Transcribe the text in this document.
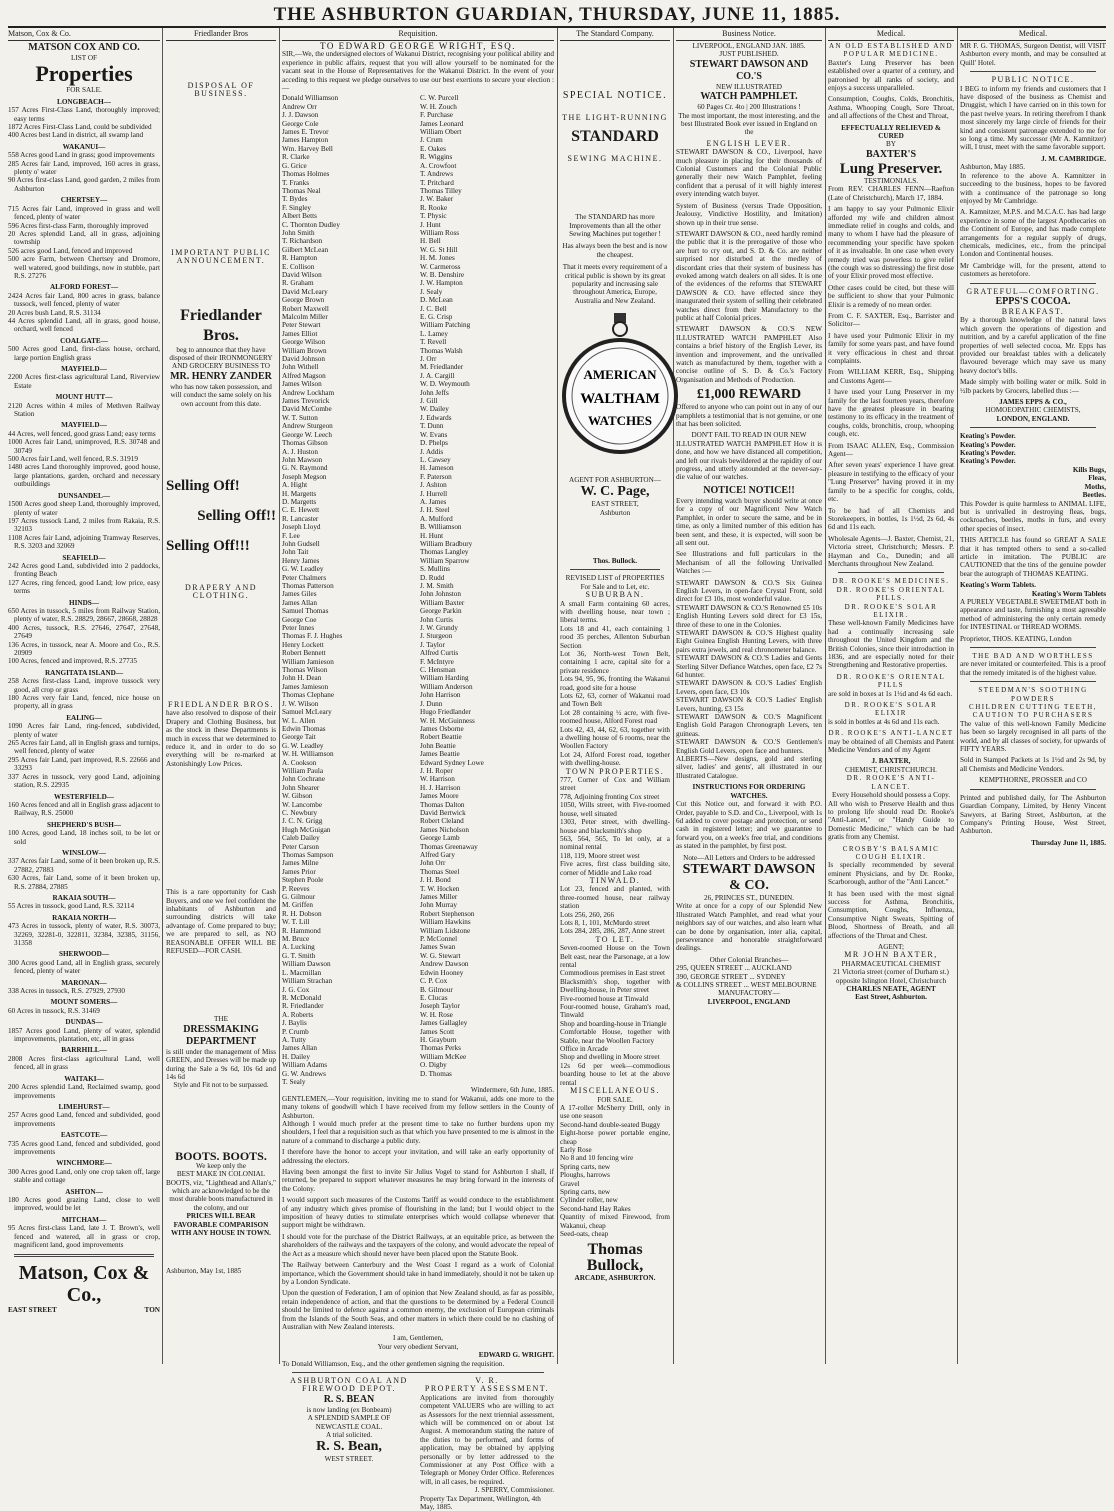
THE ASHBURTON GUARDIAN, THURSDAY, JUNE 11, 1885.
Matson, Cox & Co.	Friedlander Bros	Requisition.	The Standard Company.	Business Notice.	Medical.	Medical.
MATSON COX AND CO.
LIST OF
Properties
FOR SALE.
LONGBEACH—
157 Acres First-Class Land, thoroughly improved; easy terms
1872 Acres First-Class Land, could be subdivided
400 Acres best Land in district, all swamp land
WAKANUI—
558 Acres good Land in grass; good improvements
285 Acres fair Land, improved, 160 acres in grass, plenty o' water
90 Acres first-class Land, good garden, 2 miles from Ashburton
CHERTSEY—
715 Acres fair Land, improved in grass and well fenced, plenty of water
596 Acres first-class Farm, thoroughly improved
20 Acres splendid Land, all in grass, adjoining township
526 acres good Land, fenced and improved
500 acre Farm, between Chertsey and Dromore, well watered, good buildings, now in stubble, part R.S. 27276
ALFORD FOREST—
2424 Acres fair Land, 800 acres in grass, balance tussock, well fenced, plenty of water
20 Acres bush Land, R.S. 31134
44 Acres splendid Land, all in grass, good house, orchard, well fenced
COALGATE—
500 Acres good Land, first-class house, orchard, large portion English grass
MAYFIELD—
2200 Acres first-class agricultural Land, Riverview Estate
MOUNT HUTT—
2120 Acres within 4 miles of Methven Railway Station
MAYFIELD—
44 Acres, well fenced, good grass Land; easy terms
1000 Acres fair Land, unimproved, R.S. 30748 and 30749
500 Acres fair Land, well fenced, R.S. 31919
1480 acres Land thoroughly improved, good house, large plantations, garden, orchard and necessary outbuildings
DUNSANDEL—
1500 Acres good sheep Land, thoroughly improved, plenty of water
197 Acres tussock Land, 2 miles from Rakaia, R.S. 32103
1108 Acres fair Land, adjoining Tramway Reserves, R.S. 3203 and 32069
SEAFIELD—
242 Acres good Land, subdivided into 2 paddocks, fronting Beach
127 Acres, ring fenced, good Land; low price, easy terms
HINDS—
650 Acres in tussock, 5 miles from Railway Station, plenty of water, R.S. 28829, 28667, 28668, 28828
400 Acres, tussock, R.S. 27646, 27647, 27648, 27649
136 Acres, in tussock, near A. Moore and Co., R.S. 20909
100 Acres, fenced and improved, R.S. 27735
RANGITATA ISLAND—
258 Acres first-class Land, improve tussock very good, all crop or grass
180 Acres very fair Land, fenced, nice house on property, all in grass
EALING—
1090 Acres fair Land, ring-fenced, subdivided, plenty of water
265 Acres fair Land, all in English grass and turnips, well fenced, plenty of water
295 Acres fair Land, part improved, R.S. 22666 and 33293
337 Acres in tussock, very good Land, adjoining station, R.S. 22935
WESTERFIELD—
160 Acres fenced and all in English grass adjacent to Railway, R.S. 25000
SHEPHERD'S BUSH—
100 Acres, good Land, 18 inches soil, to be let or sold
WINSLOW—
337 Acres fair Land, some of it been broken up, R.S. 27882, 27883
630 Acres, fair Land, some of it been broken up, R.S. 27884, 27885
RAKAIA SOUTH—
55 Acres in tussock, good Land, R.S. 32114
RAKAIA NORTH—
473 Acres in tussock, plenty of water, R.S. 30073, 32269, 32281-0, 322811, 32384, 32385, 31156, 31358
SHERWOOD—
300 Acres good Land, all in English grass, securely fenced, plenty of water
MARONAN—
338 Acres in tussock, R.S. 27929, 27930
MOUNT SOMERS—
60 Acres in tussock, R.S. 31469
DUNDAS—
1857 Acres good Land, plenty of water, splendid improvements, plantation, etc, all in grass
BARRHILL—
2808 Acres first-class agricultural Land, well fenced, all in grass
WAITAKI—
200 Acres splendid Land, Reclaimed swamp, good improvements
LIMEHURST—
257 Acres good Land, fenced and subdivided, good improvements
EASTCOTE—
735 Acres good Land, fenced and subdivided, good improvements
WINCHMORE—
300 Acres good Land, only one crop taken off, large stable and cottage
ASHTON—
180 Acres good grazing Land, close to well improved, would be let
MITCHAM—
95 Acres first-class Land, late J. T. Brown's, well fenced and watered, all in grass or crop, magnificent land, good improvements
Matson, Cox & Co.,
EAST STREET	TON
DISPOSAL OF BUSINESS.
IMPORTANT PUBLIC ANNOUNCEMENT.
Friedlander Bros.
beg to announce that they have disposed of their IRONMONGERY AND GROCERY BUSINESS TO
MR. HENRY ZANDER
who has now taken possession, and will conduct the same solely on his own account from this date.
Selling Off!
Selling Off!!
Selling Off!!!
DRAPERY AND CLOTHING.
FRIEDLANDER BROS.
have also resolved to dispose of their Drapery and Clothing Business, but as the stock in these Departments is much in excess that we determined to reduce it, and in order to do so everything will be re-marked at Astonishingly Low Prices.
This is a rare opportunity for Cash Buyers, and one we feel confident the inhabitants of Ashburton and surrounding districts will take advantage of. Come prepared to buy; we are prepared to sell, as NO REASONABLE OFFER WILL BE REFUSED—FOR CASH.
THE
DRESSMAKING DEPARTMENT
is still under the management of Miss GREEN, and Dresses will be made up during the Sale a 9s 6d, 10s 6d and 14s 6d
Style and Fit not to be surpassed.
BOOTS. BOOTS.
We keep only the
BEST MAKE IN COLONIAL BOOTS, viz, "Lighthead and Allan's," which are acknowledged to be the most durable boots manufactured in the colony, and our
PRICES WILL BEAR FAVORABLE COMPARISON WITH ANY HOUSE IN TOWN.
Ashburton, May 1st, 1885
TO EDWARD GEORGE WRIGHT, ESQ.
SIR,—We, the undersigned electors of Wakanui District, recognising your political ability and experience in public affairs, request that you will allow yourself to be nominated for the vacant seat in the House of Representatives for the Wakanui District. In the event of your acceding to this request we pledge ourselves to use our best exertions to secure your election :—
Donald Williamson
Andrew Orr
J. J. Dawson
George Cole
James E. Trevor
James Hampton
Wm. Harvey Bell
R. Clarke
G. Grice
Thomas Holmes
T. Franks
Thomas Neal
T. Bydes
F. Singley
Albert Betts
C. Thornton Dudley
John Smith
T. Richardson
Gilbert McLean
R. Hampton
E. Collison
David Wilson
R. Graham
David McLeary
George Brown
Robert Maxwell
Malcolm Miller
Peter Stewart
James Elliot
George Wilson
William Brown
David Johnson
John Withell
Alfred Magson
James Wilson
Andrew Lockham
James Trevorick
David McCombe
W. T. Sutton
Andrew Sturgeon
George W. Leech
Thomas Gibson
A. J. Huston
John Mawson
G. N. Raymond
Joseph Megson
A. Hight
H. Margetts
D. Margetts
C. E. Hewett
R. Lancaster
Joseph Lloyd
F. Lee
John Gudsell
John Tait
Henry James
G. W. Leadley
Peter Chalmers
Thomas Patterson
James Giles
James Allan
Samuel Thomas
George Coe
Peter Innes
Thomas F. J. Hughes
Henry Lockett
Robert Bennett
William Jamieson
Thomas Wilson
John H. Dean
James Jamieson
Thomas Clephane
J. W. Wilson
Samuel McLeary
W. L. Allen
Edwin Thomas
George Tait
G. W. Leadley
W. H. Williamson
A. Cookson
William Paula
John Cochrane
John Shearer
W. Gibson
W. Lancombe
C. Newbury
J. C. N. Grigg
Hugh McGuigan
Caleb Dailey
Peter Carson
Thomas Sampson
James Milne
James Prior
Stephen Poole
P. Reeves
G. Gilmour
M. Griffen
R. H. Dobson
W. T. Lill
R. Hammond
M. Bruce
A. Lucking
G. T. Smith
William Dawson
L. Macmillan
William Strachan
J. G. Cox
R. McDonald
R. Friedlander
A. Roberts
J. Baylis
P. Crumb
A. Tutty
James Allan
H. Dailey
William Adams
G. W. Andrews
T. Sealy
C. W. Purcell
W. H. Zouch
F. Purchase
James Leonard
William Obert
J. Crum
E. Oakes
R. Wiggins
A. Crowfoot
T. Andrews
T. Pritchard
Thomas Tilley
J. W. Baker
R. Rooke
T. Physic
J. Hunt
William Ross
H. Bell
W. G. St Hill
H. M. Jones
W. Carmeross
W. B. Denshire
J. W. Hampton
J. Sealy
D. McLean
J. C. Bell
E. G. Crisp
William Patching
L. Lamey
T. Revell
Thomas Walsh
J. Orr
M. Friedlander
J. A. Cargill
W. D. Weymouth
John Jeffs
J. Gill
W. Dailey
J. Edwards
T. Dunn
W. Evans
D. Phelps
J. Addis
L. Cawsey
H. Jameson
F. Paterson
J. Ashton
J. Hurrell
A. James
J. H. Steel
A. Mulford
B. Williamson
H. Hunt
William Bradbury
Thomas Langley
William Sparrow
S. Mullins
D. Rudd
J. M. Smith
John Johnston
William Baxter
George Parkin
John Curtis
J. W. Grundy
J. Sturgeon
J. Taylor
Alfred Curtis
F. McIntyre
C. Hensman
William Harding
William Anderson
John Harrison
J. Dunn
Hugo Friedlander
W. H. McGuinness
James Osborne
Robert Beattie
John Beattie
James Beattie
Edward Sydney Lowe
J. H. Roper
W. Harrison
H. J. Harrison
James Moore
Thomas Dalton
David Bertwick
Robert Cleland
James Nicholson
George Lamb
Thomas Greenaway
Alfred Gary
John Orr
Thomas Steel
J. H. Bond
T. W. Hocken
James Miller
John Murray
Robert Stephenson
William Hawkins
William Lidstone
P. McConnel
James Swan
W. G. Stewart
Andrew Dawson
Edwin Hooney
C. P. Cox
B. Gilmour
E. Clucas
Joseph Taylor
W. H. Rose
James Gallagley
James Scott
H. Grayburn
Thomas Perks
William McKee
O. Digby
D. Thomas
Windermere, 6th June, 1885.
GENTLEMEN,—Your requisition, inviting me to stand for Wakanui, adds one more to the many tokens of goodwill which I have received from my fellow settlers in the County of Ashburton.

Although I would much prefer at the present time to take no further burdens upon my shoulders, I feel that a requisition such as that which you have presented to me is almost in the nature of a command to discharge a public duty.

I therefore have the honor to accept your invitation, and will take an early opportunity of addressing the electors.

Having been amongst the first to invite Sir Julius Vogel to stand for Ashburton I shall, if returned, be prepared to support whatever measures he may bring forward in the interests of the Colony.

I would support such measures of the Customs Tariff as would conduce to the establishment of any industry which gives promise of flourishing in the land; but I would object to the imposition of heavy duties to stimulate enterprises which would collapse whenever that support might be withdrawn.

I should vote for the purchase of the District Railways, at an equitable price, as between the shareholders of the railways and the taxpayers of the colony, and would advocate the repeal of the Act as a measure which should never have been placed upon the Statute Book.

The Railway between Canterbury and the West Coast I regard as a work of Colonial importance, which the Government should take in hand immediately, should it not be taken up by a London Syndicate.

Upon the question of Federation, I am of opinion that New Zealand should, as far as possible, retain independence of action, and that the questions to be determined by a Federal Council should be limited to defence against a common enemy, the exclusion of European criminals from the Islands of the South Seas, and other matters in which there could be no clashing of Australian with New Zealand interests.

I am, Gentlemen,
Your very obedient Servant,
EDWARD G. WRIGHT.
To Donald Williamson, Esq., and the other gentlemen signing the requisition.
ASHBURTON COAL AND FIREWOOD DEPOT.
R. S. BEAN
is now landing (ex Bonbeam)
A SPLENDID SAMPLE OF
NEWCASTLE COAL.
A trial solicited.
R. S. Bean,
WEST STREET.
V. R.
PROPERTY ASSESSMENT.
Applications are invited from thoroughly competent VALUERS who are willing to act as Assessors for the next triennial assessment, which will be commenced on or about 1st August. A memorandum stating the nature of the duties to be performed, and forms of application, may be obtained by applying personally or by letter addressed to the Commissioner at any Post Office with a Telegraph or Money Order Office. References will, in all cases, be required.
J. SPERRY, Commissioner.
Property Tax Department, Wellington, 4th May, 1885.
SPECIAL NOTICE.
THE LIGHT-RUNNING
STANDARD
SEWING MACHINE.
The STANDARD has more Improvements than all the other Sewing Machines put together !
Has always been the best and is now the cheapest.
That it meets every requirement of a critical public is shown by its great popularity and increasing sale throughout America, Europe, Australia and New Zealand.
AMERICAN
WALTHAM
WATCHES
AGENT FOR ASHBURTON—
W. C. Page,
EAST STREET,
Ashburton
Thos. Bullock.
REVISED LIST of PROPERTIES For Sale and to Let, etc.
SUBURBAN.
A small Farm containing 60 acres, with dwelling house, near town ; liberal terms.
Lots 18 and 41, each containing 1 rood 35 perches, Allenton Suburban Section
Lot 36, North-west Town Belt, containing 1 acre, capital site for a private residence
Lots 94, 95, 96, fronting the Wakanui road, good site for a house
Lots 62, 63, corner of Wakanui road and Town Belt
Lot 28 containing ½ acre, with five-roomed house, Alford Forest road
Lots 42, 43, 44, 62, 63, together with a dwelling house of 6 rooms, near the Woollen Factory
Lot 24, Alford Forest road, together with dwelling-house.
TOWN PROPERTIES.
777, Corner of Cox and William street
778, Adjoining fronting Cox street
1050, Wills street, with Five-roomed house, well situated
1303, Peter street, with dwelling-house and blacksmith's shop
563, 564, 565, To let only, at a nominal rental
118, 119, Moore street west
Five acres, first class building site, corner of Middle and Lake road
TINWALD.
Lot 23, fenced and planted, with three-roomed house, near railway station
Lots 256, 260, 266
Lots 8, 1, 101, McMurdo street
Lots 284, 285, 286, 287, Anne street
TO LET.
Seven-roomed House on the Town Belt east, near the Parsonage, at a low rental
Commodious premises in East street
Blacksmith's shop, together with Dwelling-house, in Peter street
Five-roomed house at Tinwald
Four-roomed house, Graham's road, Tinwald
Shop and boarding-house in Triangle
Comfortable House, together with Stable, near the Woollen Factory
Office in Arcade
Shop and dwelling in Moore street
12s 6d per week—commodious boarding house to let at the above rental
MISCELLANEOUS.
FOR SALE.
A 17-roller McSherry Drill, only in use one season
Second-hand double-seated Buggy
Eight-horse power portable engine, cheap
Early Rose
No 8 and 10 fencing wire
Spring carts, new
Ploughs, harrows
Gravel
Spring carts, new
Cylinder roller, new
Second-hand Hay Rakes
Quantity of mixed Firewood, from Wakanui, cheap
Seed-oats, cheap
Thomas Bullock,
ARCADE, ASHBURTON.
LIVERPOOL, ENGLAND JAN. 1885.
JUST PUBLISHED.
STEWART DAWSON AND CO.'S
NEW ILLUSTRATED
WATCH PAMPHLET.
60 Pages Cr. 4to | 200 Illustrations !

The most important, the most interesting, and the best Illustrated Book ever issued in England on the

ENGLISH LEVER.

STEWART DAWSON & CO., Liverpool, have much pleasure in placing for their thousands of Colonial Customers and the Colonial Public generally their new Watch Pamphlet, feeling confident that a perusal of it will highly interest every intending watch buyer.

System of Business (versus Trade Opposition, Jealousy, Vindictive Hostility, and Imitation) shown up in their true sense.

STEWART DAWSON & CO., need hardly remind the public that it is the prerogative of those who are hurt to cry out, and S. D. & Co. are neither surprised nor disturbed at the medley of discordant cries that their system of business has evoked among watch dealers on all sides. It is one of the evidences of the reforms that STEWART DAWSON & CO. have effected since they inaugurated their system of selling their celebrated watches direct from their Manufactory to the public at half Colonial prices.

STEWART DAWSON & CO.'S NEW ILLUSTRATED WATCH PAMPHLET Also contains a brief history of the English Lever, its invention and improvement, and the unrivalled watch as manufactured by them, together with a concise outline of S. D. & Co.'s Factory Organisation and Methods of Production.

£1,000 REWARD

Offered to anyone who can point out in any of our pamphlets a testimonial that is not genuine, or one that has been solicited.

DON'T FAIL TO READ IN OUR NEW

ILLUSTRATED WATCH PAMPHLET How it is done, and how we have distanced all competition, and left our rivals bewildered at the rapidity of our progress, and utterly astounded at the never-say-die value of our watches.

NOTICE! NOTICE!!

Every intending watch buyer should write at once for a copy of our Magnificent New Watch Pamphlet, in order to secure the same, and be in time, as only a limited number of this edition has been sent, and these, it is expected, will soon be all sent out.

See Illustrations and full particulars in the Mechanism of all the following Unrivalled Watches :—

STEWART DAWSON & CO.'S Six Guinea English Levers, in open-face Crystal Front, sold direct for £3 10s, most wonderful value.
STEWART DAWSON & CO.'S Renowned £5 10s English Hunting Levers sold direct for £3 15s, three of these to one in the Colonies.
STEWART DAWSON & CO.'S Highest quality Eight Guinea English Hunting Levers, with three pairs extra jewels, and real chronometer balance.
STEWART DAWSON & CO.'S Ladies and Gents Sterling Silver Defiance Watches, open face, £2 7s 6d hunter.
STEWART DAWSON & CO.'S Ladies' English Levers, open face, £3 10s
STEWART DAWSON & CO.'S Ladies' English Levers, hunting, £3 15s
STEWART DAWSON & CO.'S Magnificent English Gold Paragon Chronograph Levers, ten guineas.
STEWART DAWSON & CO.'S Gentlemen's English Gold Levers, open face and hunters.

ALBERTS—New designs, gold and sterling silver, ladies' and gents', all illustrated in our Illustrated Catalogue.

INSTRUCTIONS FOR ORDERING WATCHES.

Cut this Notice out, and forward it with P.O. Order, payable to S.D. and Co., Liverpool, with 1s 6d added to cover postage and protection, or send cash in registered letter; and we guarantee to forward you, on a week's free trial, and conditions as stated in the pamphlet, by first post.

Note—All Letters and Orders to be addressed
STEWART DAWSON & CO.
26, PRINCES ST., DUNEDIN.

Write at once for a copy of our Splendid New Illustrated Watch Pamphlet, and read what your neighbors say of our watches, and also learn what can be done by organisation, inter alia, capital, perseverance and honorable straightforward dealings.

Other Colonial Branches—
295, QUEEN STREET ... AUCKLAND
390, GEORGE STREET ... SYDNEY
& COLLINS STREET ... WEST MELBOURNE
MANUFACTORY—
LIVERPOOL, ENGLAND
AN OLD ESTABLISHED AND POPULAR MEDICINE.

Baxter's Lung Preserver has been established over a quarter of a century, and patronised by all ranks of society, and enjoys a success unparalleled.

Consumption, Coughs, Colds, Bronchitis, Asthma, Whooping Cough, Sore Throat, and all affections of the Chest and Throat,

EFFECTUALLY RELIEVED & CURED
BY
BAXTER'S
Lung Preserver.
TESTIMONIALS.

From REV. CHARLES FENN—Raefton (Late of Christchurch), March 17, 1884.

I am happy to say your Pulmonic Elixir afforded my wife and children almost immediate relief in coughs and colds, and many to whom I have had the pleasure of recommending your specific have spoken of it as invaluable. In one case when every remedy tried was powerless to give relief (the cough was so distressing) the first dose of your Elixir proved most effective.

Other cases could be cited, but these will be sufficient to show that your Pulmonic Elixir is a remedy of no mean order.

From C. F. SAXTER, Esq., Barrister and Solicitor—

I have used your Pulmonic Elixir in my family for some years past, and have found it very efficacious in chest and throat complaints.

From WILLIAM KERR, Esq., Shipping and Customs Agent—

I have used your Lung Preserver in my family for the last fourteen years, therefore have the greatest pleasure in bearing testimony to its efficacy in the treatment of coughs, colds, bronchitis, croup, whooping cough, etc.

From ISAAC ALLEN, Esq., Commission Agent—

After seven years' experience I have great pleasure in testifying to the efficacy of your "Lung Preserver" having proved it in my family to be a specific for coughs, colds, etc.

To be had of all Chemists and Storekeepers, in bottles, 1s 1½d, 2s 6d, 4s 6d and 11s each.

Wholesale Agents—J. Baxter, Chemist, 21, Victoria street, Christchurch; Messrs. P. Hayman and Co., Dunedin; and all Merchants throughout New Zealand.

DR. ROOKE'S MEDICINES.
DR. ROOKE'S ORIENTAL PILLS.
DR. ROOKE'S SOLAR ELIXIR.

These well-known Family Medicines have had a continually increasing sale throughout the United Kingdom and the British Colonies, since their introduction in 1836, and are especially noted for their Strengthening and Restorative properties.

DR. ROOKE'S ORIENTAL PILLS

are sold in boxes at 1s 1½d and 4s 6d each.

DR. ROOKE'S SOLAR ELIXIR

is sold in bottles at 4s 6d and 11s each.

DR. ROOKE'S ANTI-LANCET

may be obtained of all Chemists and Patent Medicine Vendors and of my Agent

J. BAXTER,
CHEMIST, CHRISTCHURCH.
DR. ROOKE'S ANTI-LANCET.
Every Household should possess a Copy.

All who wish to Preserve Health and thus to prolong life should read Dr. Rooke's "Anti-Lancet," or "Handy Guide to Domestic Medicine," which can be had gratis from any Chemist.

CROSBY'S BALSAMIC COUGH ELIXIR.

Is specially recommended by several eminent Physicians, and by Dr. Rooke, Scarborough, author of the "Anti Lancet."

It has been used with the most signal success for Asthma, Bronchitis, Consumption, Coughs, Influenza, Consumptive Night Sweats, Spitting of Blood, Shortness of Breath, and all affections of the Throat and Chest.

AGENT;
MR JOHN BAXTER,
PHARMACEUTICAL CHEMIST
21 Victoria street (corner of Durham st.) opposite Islington Hotel, Christchurch
CHARLES NEATE, AGENT
East Street, Ashburton.

MR F. G. THOMAS, Surgeon Dentist, will VISIT Ashburton every month, and may be consulted at Quill' Hotel.

PUBLIC NOTICE.

I BEG to inform my friends and customers that I have disposed of the business as Chemist and Druggist, which I have carried on in this town for the past twelve years. In retiring therefrom I thank most sincerely my large circle of friends for their kind and consistent patronage extended to me for so long a time. My successor (Mr A. Kamnitzer) will, I trust, meet with the same favorable support.

J. M. CAMBRIDGE.
Ashburton, May 1885.

In reference to the above A. Kamnitzer in succeeding to the business, hopes to be favored with a continuance of the patronage so long enjoyed by Mr Cambridge.

A. Kamnitzer, M.P.S. and M.C.A.C. has had large experience in some of the largest Apothecaries on the Continent of Europe, and has made complete arrangements for a regular supply of drugs, chemicals, medicines, etc., from the principal London and Continental houses.

Mr Cambridge will, for the present, attend to customers as heretofore.

GRATEFUL—COMFORTING.
EPPS'S COCOA.
BREAKFAST.

By a thorough knowledge of the natural laws which govern the operations of digestion and nutrition, and by a careful application of the fine properties of well selected cocoa, Mr. Epps has provided our breakfast tables with a delicately flavoured beverage which may save us many heavy doctor's bills.

Made simply with boiling water or milk. Sold in ½lb packets by Grocers, labelled thus :—

JAMES EPPS & CO.,
HOMOEOPATHIC CHEMISTS,
LONDON, ENGLAND.
Keating's Powder.
Keating's Powder.
Keating's Powder.
Keating's Powder.
Kills Bugs,
Fleas,
Moths,
Beetles.

This Powder is quite harmless to ANIMAL LIFE, but is unrivalled in destroying fleas, bugs, cockroaches, beetles, moths in furs, and every other species of insect.

THIS ARTICLE has found so GREAT A SALE that it has tempted others to send a so-called article in imitation. The PUBLIC are CAUTIONED that the tins of the genuine powder bear the autograph of THOMAS KEATING.

Keating's Worm Tablets.
Keating's Worm Tablets

A PURELY VEGETABLE SWEETMEAT both in appearance and taste, furnishing a most agreeable method of administering the only certain remedy for INTESTINAL or THREAD WORMS.

Proprietor, THOS. KEATING, London

THE BAD AND WORTHLESS

are never imitated or counterfeited. This is a proof that the remedy imitated is of the highest value.

STEEDMAN'S SOOTHING POWDERS
CHILDREN CUTTING TEETH,
CAUTION TO PURCHASERS

The value of this well-known Family Medicine has been so largely recognised in all parts of the world, and by all classes of society, for upwards of FIFTY YEARS.

Sold in Stamped Packets at 1s 1½d and 2s 9d, by all Chemists and Medicine Vendors.

KEMPTHORNE, PROSSER and CO

Printed and published daily, for The Ashburton Guardian Company, Limited, by Henry Vincent Sawyers, at Baring Street, Ashburton, at the Company's Printing House, West Street, Ashburton.

Thursday June 11, 1885.
